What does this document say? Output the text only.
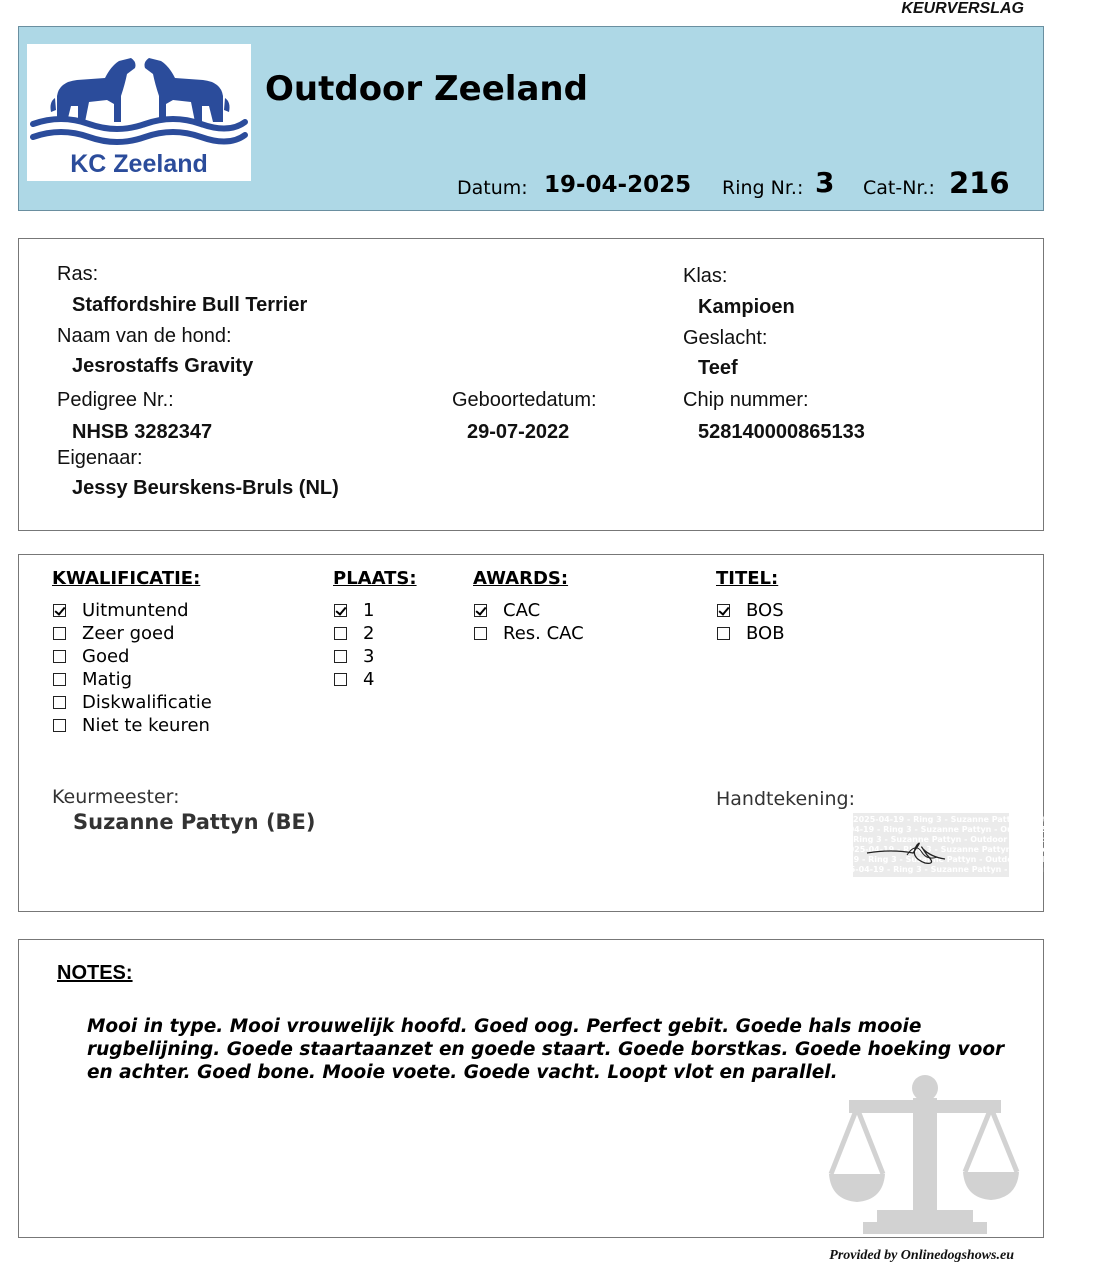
KEURVERSLAG
KC Zeeland
Outdoor Zeeland
Datum: 19-04-2025 Ring Nr.: 3 Cat-Nr.: 216
Ras:
Staffordshire Bull Terrier
Naam van de hond:
Jesrostaffs Gravity
Pedigree Nr.:
NHSB 3282347
Geboortedatum:
29-07-2022
Eigenaar:
Jessy Beurskens-Bruls (NL)
Klas:
Kampioen
Geslacht:
Teef
Chip nummer:
528140000865133
KWALIFICATIE:
Uitmuntend
Zeer goed
Goed
Matig
Diskwalificatie
Niet te keuren
PLAATS:
1
2
3
4
AWARDS:
CAC
Res. CAC
TITEL:
BOS
BOB
Keurmeester:
Suzanne Pattyn (BE)
Handtekening:
2025-04-19 - Ring 3 - Suzanne Pattyn - Outdoor Zeeland
2025-04-19 - Ring 3 - Suzanne Pattyn - Outdoor Zeeland
2025-04-19 - Ring 3 - Suzanne Pattyn - Outdoor Zeeland
2025-04-19 - Ring 3 - Suzanne Pattyn - Outdoor Zeeland
2025-04-19 - Ring 3 - Suzanne Pattyn - Outdoor Zeeland
2025-04-19 - Ring 3 - Suzanne Pattyn - Outdoor Zeeland
NOTES:
Mooi in type. Mooi vrouwelijk hoofd. Goed oog. Perfect gebit. Goede hals mooie rugbelijning. Goede staartaanzet en goede staart. Goede borstkas. Goede hoeking voor en achter. Goed bone. Mooie voete. Goede vacht. Loopt vlot en parallel.
Provided by Onlinedogshows.eu
